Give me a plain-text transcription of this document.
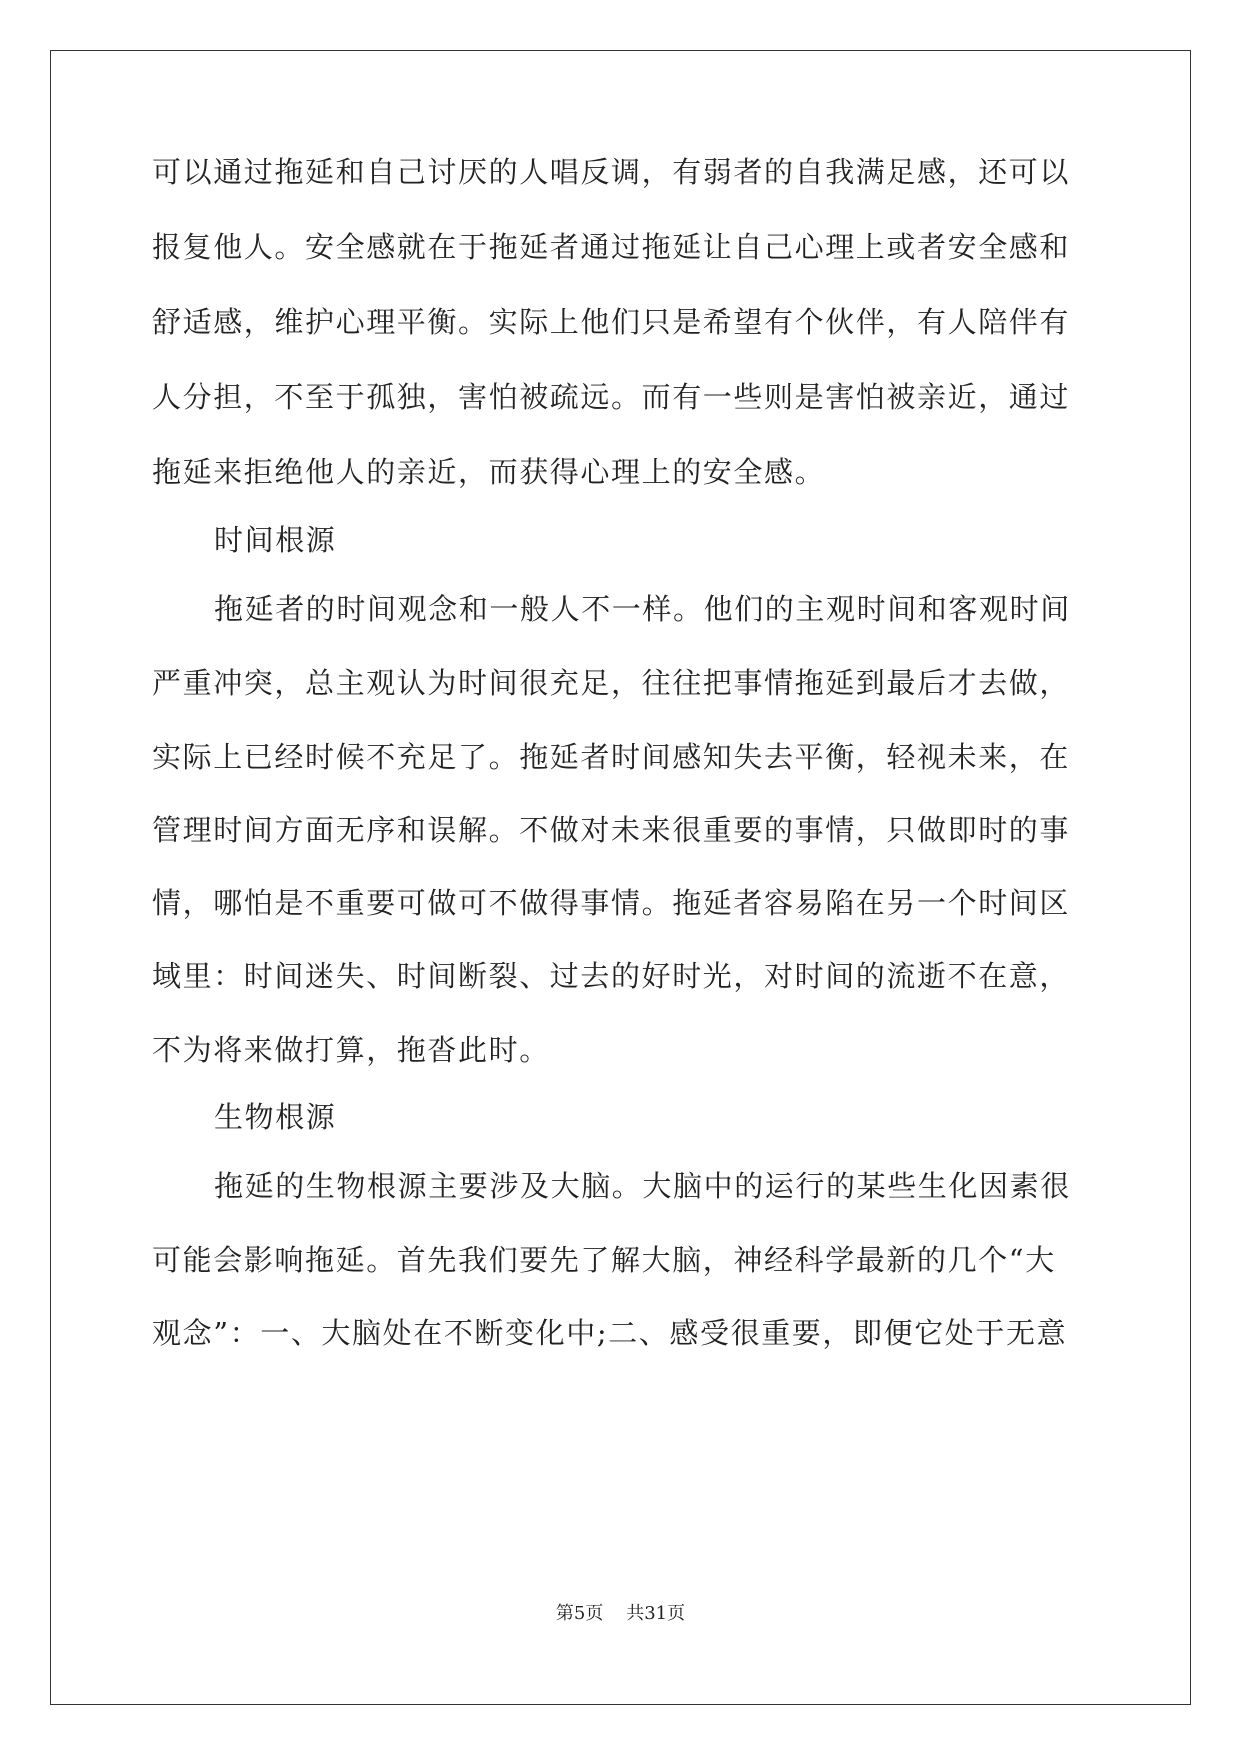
可以通过拖延和自己讨厌的人唱反调，有弱者的自我满足感，还可以
报复他人。安全感就在于拖延者通过拖延让自己心理上或者安全感和
舒适感，维护心理平衡。实际上他们只是希望有个伙伴，有人陪伴有
人分担，不至于孤独，害怕被疏远。而有一些则是害怕被亲近，通过
拖延来拒绝他人的亲近，而获得心理上的安全感。
时间根源
拖延者的时间观念和一般人不一样。他们的主观时间和客观时间
严重冲突，总主观认为时间很充足，往往把事情拖延到最后才去做，
实际上已经时候不充足了。拖延者时间感知失去平衡，轻视未来，在
管理时间方面无序和误解。不做对未来很重要的事情，只做即时的事
情，哪怕是不重要可做可不做得事情。拖延者容易陷在另一个时间区
域里：时间迷失、时间断裂、过去的好时光，对时间的流逝不在意，
不为将来做打算，拖沓此时。
生物根源
拖延的生物根源主要涉及大脑。大脑中的运行的某些生化因素很
可能会影响拖延。首先我们要先了解大脑，神经科学最新的几个“大
观念”：一、大脑处在不断变化中;二、感受很重要，即便它处于无意
第5页    共31页
